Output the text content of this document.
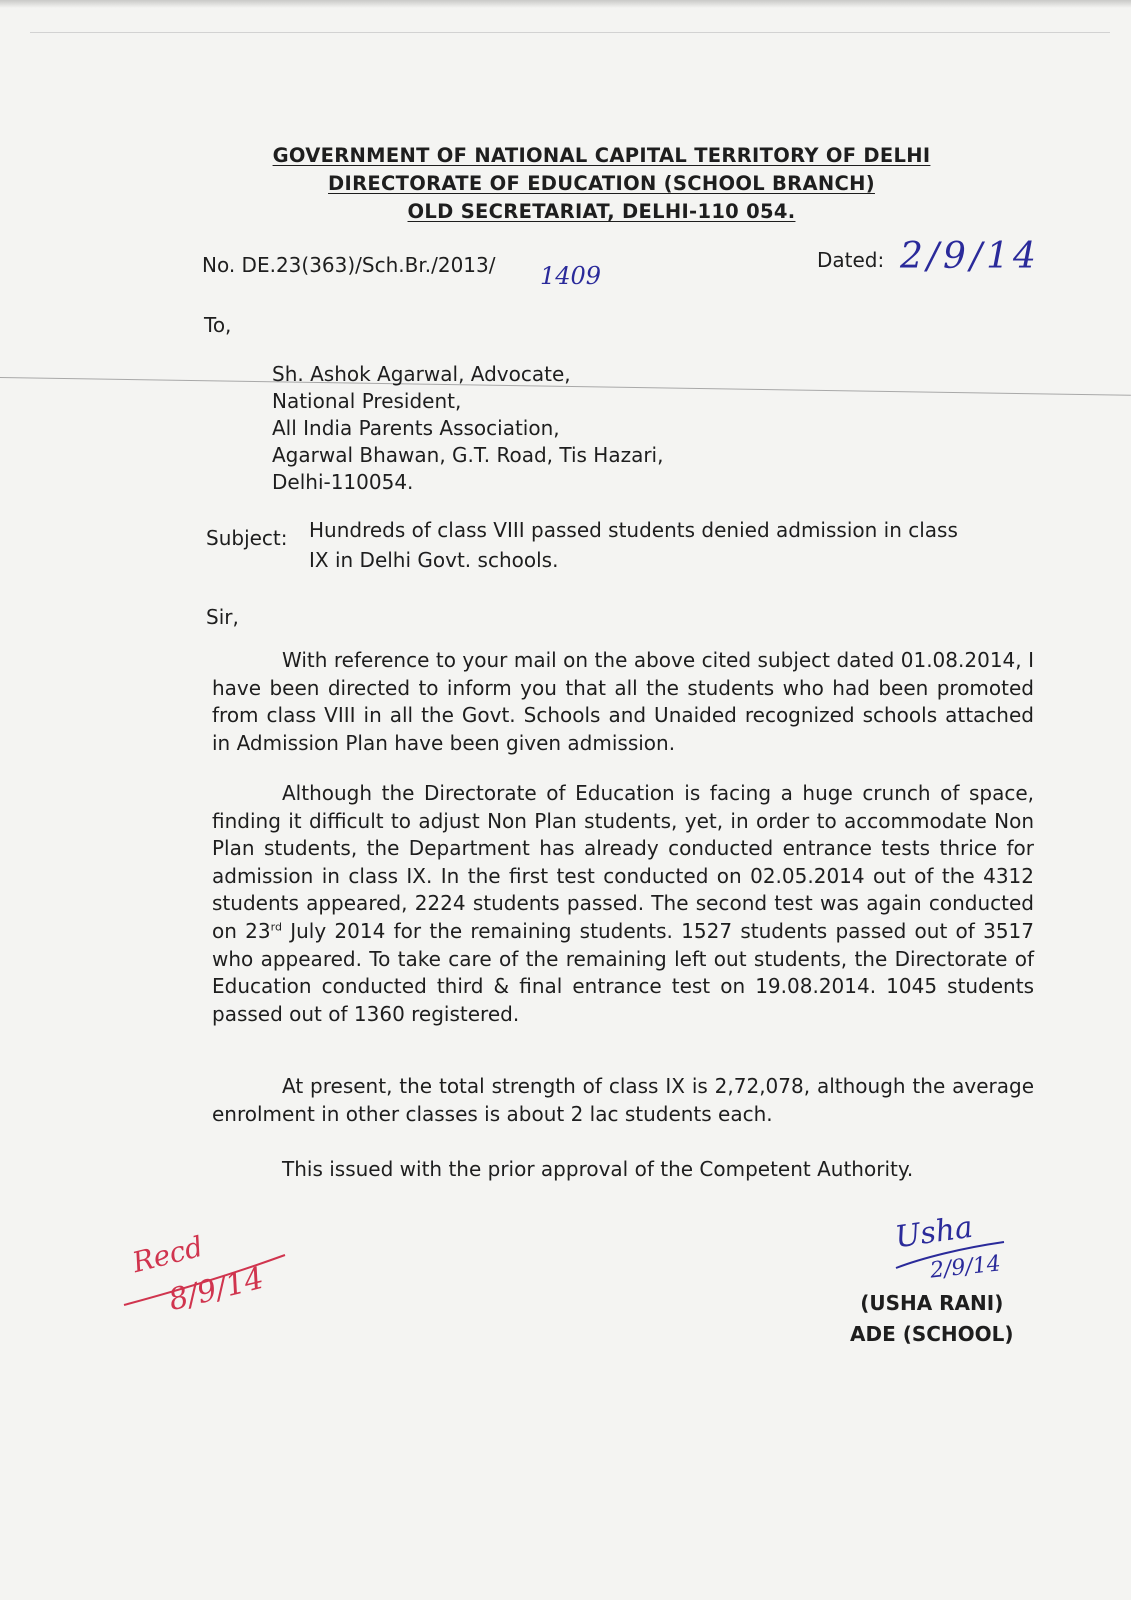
GOVERNMENT OF NATIONAL CAPITAL TERRITORY OF DELHI
DIRECTORATE OF EDUCATION (SCHOOL BRANCH)
OLD SECRETARIAT, DELHI-110 054.
No. DE.23(363)/Sch.Br./2013/ 1409
Dated: 2/9/14
To,
Sh. Ashok Agarwal, Advocate,
National President,
All India Parents Association,
Agarwal Bhawan, G.T. Road, Tis Hazari,
Delhi-110054.
Subject: Hundreds of class VIII passed students denied admission in class
IX in Delhi Govt. schools.
Sir,

With reference to your mail on the above cited subject dated 01.08.2014, I have been directed to inform you that all the students who had been promoted from class VIII in all the Govt. Schools and Unaided recognized schools attached in Admission Plan have been given admission.

Although the Directorate of Education is facing a huge crunch of space, finding it difficult to adjust Non Plan students, yet, in order to accommodate Non Plan students, the Department has already conducted entrance tests thrice for admission in class IX. In the first test conducted on 02.05.2014 out of the 4312 students appeared, 2224 students passed. The second test was again conducted on 23rd July 2014 for the remaining students. 1527 students passed out of 3517 who appeared. To take care of the remaining left out students, the Directorate of Education conducted third & final entrance test on 19.08.2014. 1045 students passed out of 1360 registered.

At present, the total strength of class IX is 2,72,078, although the average enrolment in other classes is about 2 lac students each.

This issued with the prior approval of the Competent Authority.

Recd
8/9/14
Usha
2/9/14
(USHA RANI)
ADE (SCHOOL)
